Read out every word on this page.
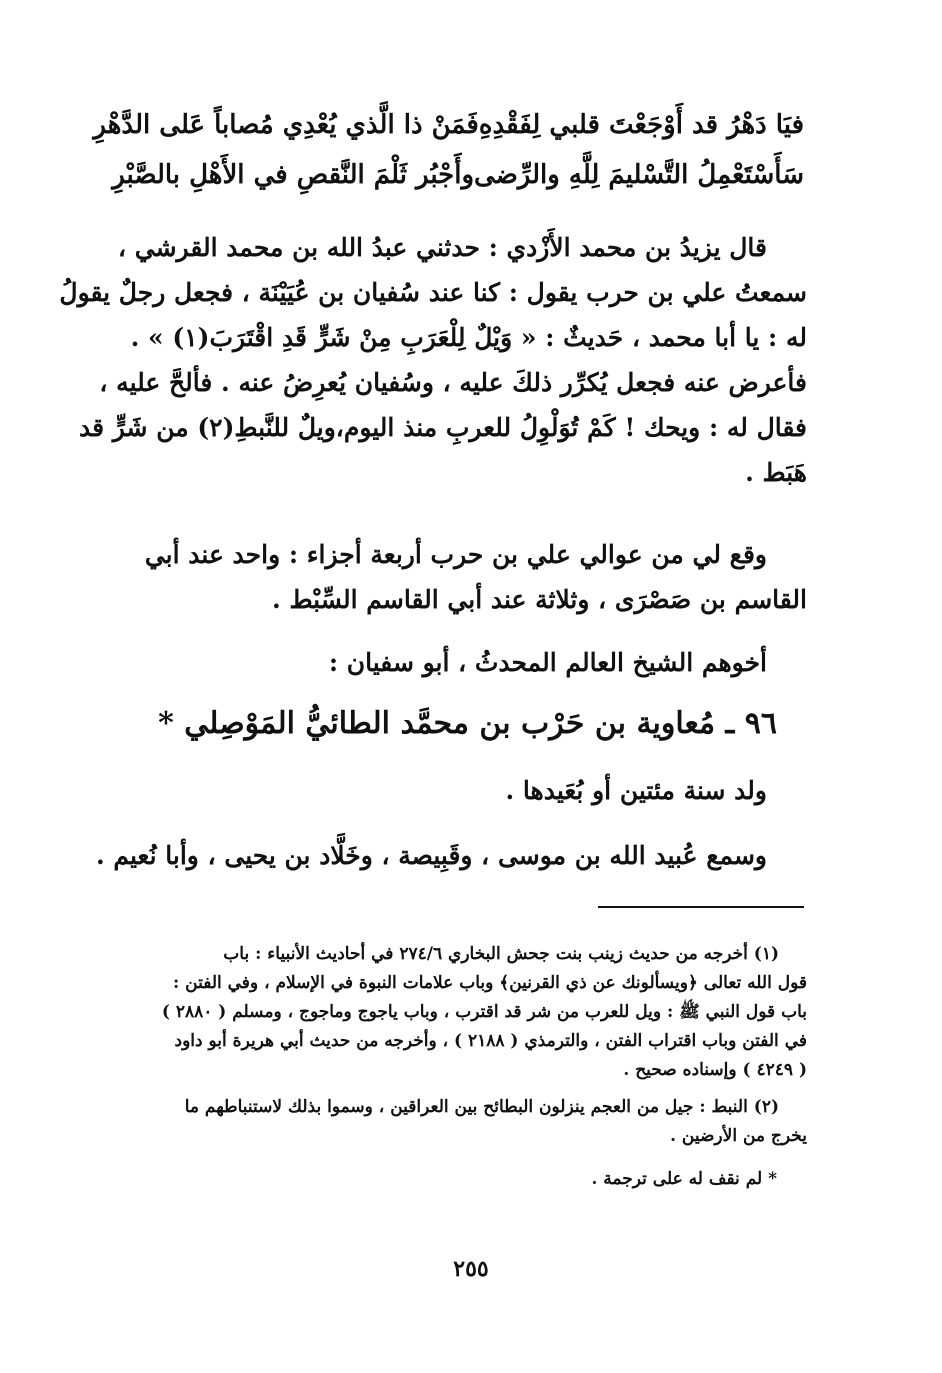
فيَا دَهْرُ قد أَوْجَعْتَ قلبي لِفَقْدِهِ
فَمَنْ ذا الَّذي يُعْدِي مُصاباً عَلى الدَّهْرِ
سَأَسْتَعْمِلُ التَّسْليمَ لِلَّهِ والرِّضى
وأَجْبُر ثَلْمَ النَّقصِ في الأَهْلِ بالصَّبْرِ
قال يزيدُ بن محمد الأَزْدي : حدثني عبدُ الله بن محمد القرشي ،
سمعتُ علي بن حرب يقول : كنا عند سُفيان بن عُيَيْنَة ، فجعل رجلٌ يقولُ
له : يا أبا محمد ، حَديثٌ : « وَيْلٌ لِلْعَرَبِ مِنْ شَرٍّ قَدِ اقْتَرَبَ(١) » .
فأعرض عنه فجعل يُكرِّر ذلكَ عليه ، وسُفيان يُعرِضُ عنه . فألحَّ عليه ،
فقال له : ويحك ! كَمْ تُوَلْوِلُ للعربِ منذ اليوم،ويلٌ للنَّبطِ(٢) من شَرٍّ قد
هَبَط .
وقع لي من عوالي علي بن حرب أربعة أجزاء : واحد عند أبي
القاسم بن صَصْرَى ، وثلاثة عند أبي القاسم السِّبْط .
أخوهم الشيخ العالم المحدثُ ، أبو سفيان :
٩٦ ـ مُعاوية بن حَرْب بن محمَّد الطائيُّ المَوْصِلي *
ولد سنة مئتين أو بُعَيدها .
وسمع عُبيد الله بن موسى ، وقَبِيصة ، وخَلَّاد بن يحيى ، وأبا نُعيم .
(١) أخرجه من حديث زينب بنت جحش البخاري ٢٧٤/٦ في أحاديث الأنبياء : باب
قول الله تعالى ﴿ويسألونك عن ذي القرنين﴾ وباب علامات النبوة في الإسلام ، وفي الفتن :
باب قول النبي ﷺ : ويل للعرب من شر قد اقترب ، وباب ياجوج وماجوج ، ومسلم ( ٢٨٨٠ )
في الفتن وباب اقتراب الفتن ، والترمذي ( ٢١٨٨ ) ، وأخرجه من حديث أبي هريرة أبو داود
( ٤٢٤٩ ) وإسناده صحيح .
(٢) النبط : جيل من العجم ينزلون البطائح بين العراقين ، وسموا بذلك لاستنباطهم ما
يخرج من الأرضين .
* لم نقف له على ترجمة .
٢٥٥
